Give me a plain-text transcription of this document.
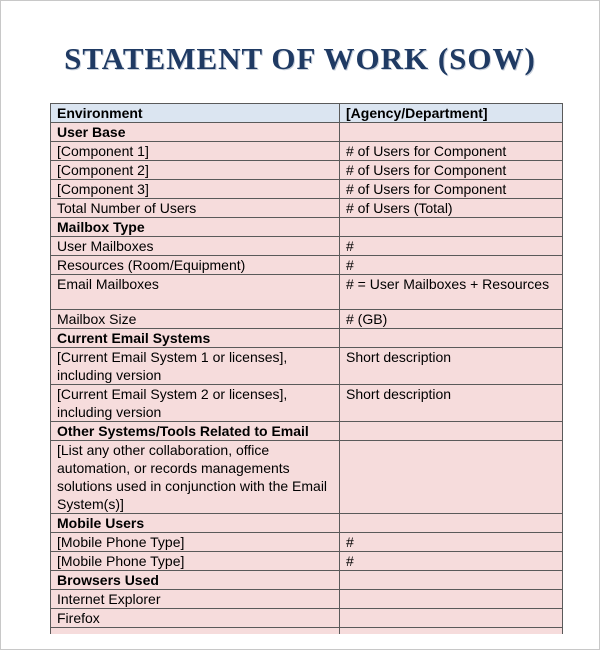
STATEMENT OF WORK (SOW)
Environment	[Agency/Department]
User Base	
[Component 1]	# of Users for Component
[Component 2]	# of Users for Component
[Component 3]	# of Users for Component
Total Number of Users	# of Users (Total)
Mailbox Type	
User Mailboxes	#
Resources (Room/Equipment)	#
Email Mailboxes	# = User Mailboxes + Resources
Mailbox Size	# (GB)
Current Email Systems	
[Current Email System 1 or licenses], including version	Short description
[Current Email System 2 or licenses], including version	Short description
Other Systems/Tools Related to Email	
[List any other collaboration, office automation, or records managements solutions used in conjunction with the Email System(s)]	
Mobile Users	
[Mobile Phone Type]	#
[Mobile Phone Type]	#
Browsers Used	
Internet Explorer	
Firefox	
